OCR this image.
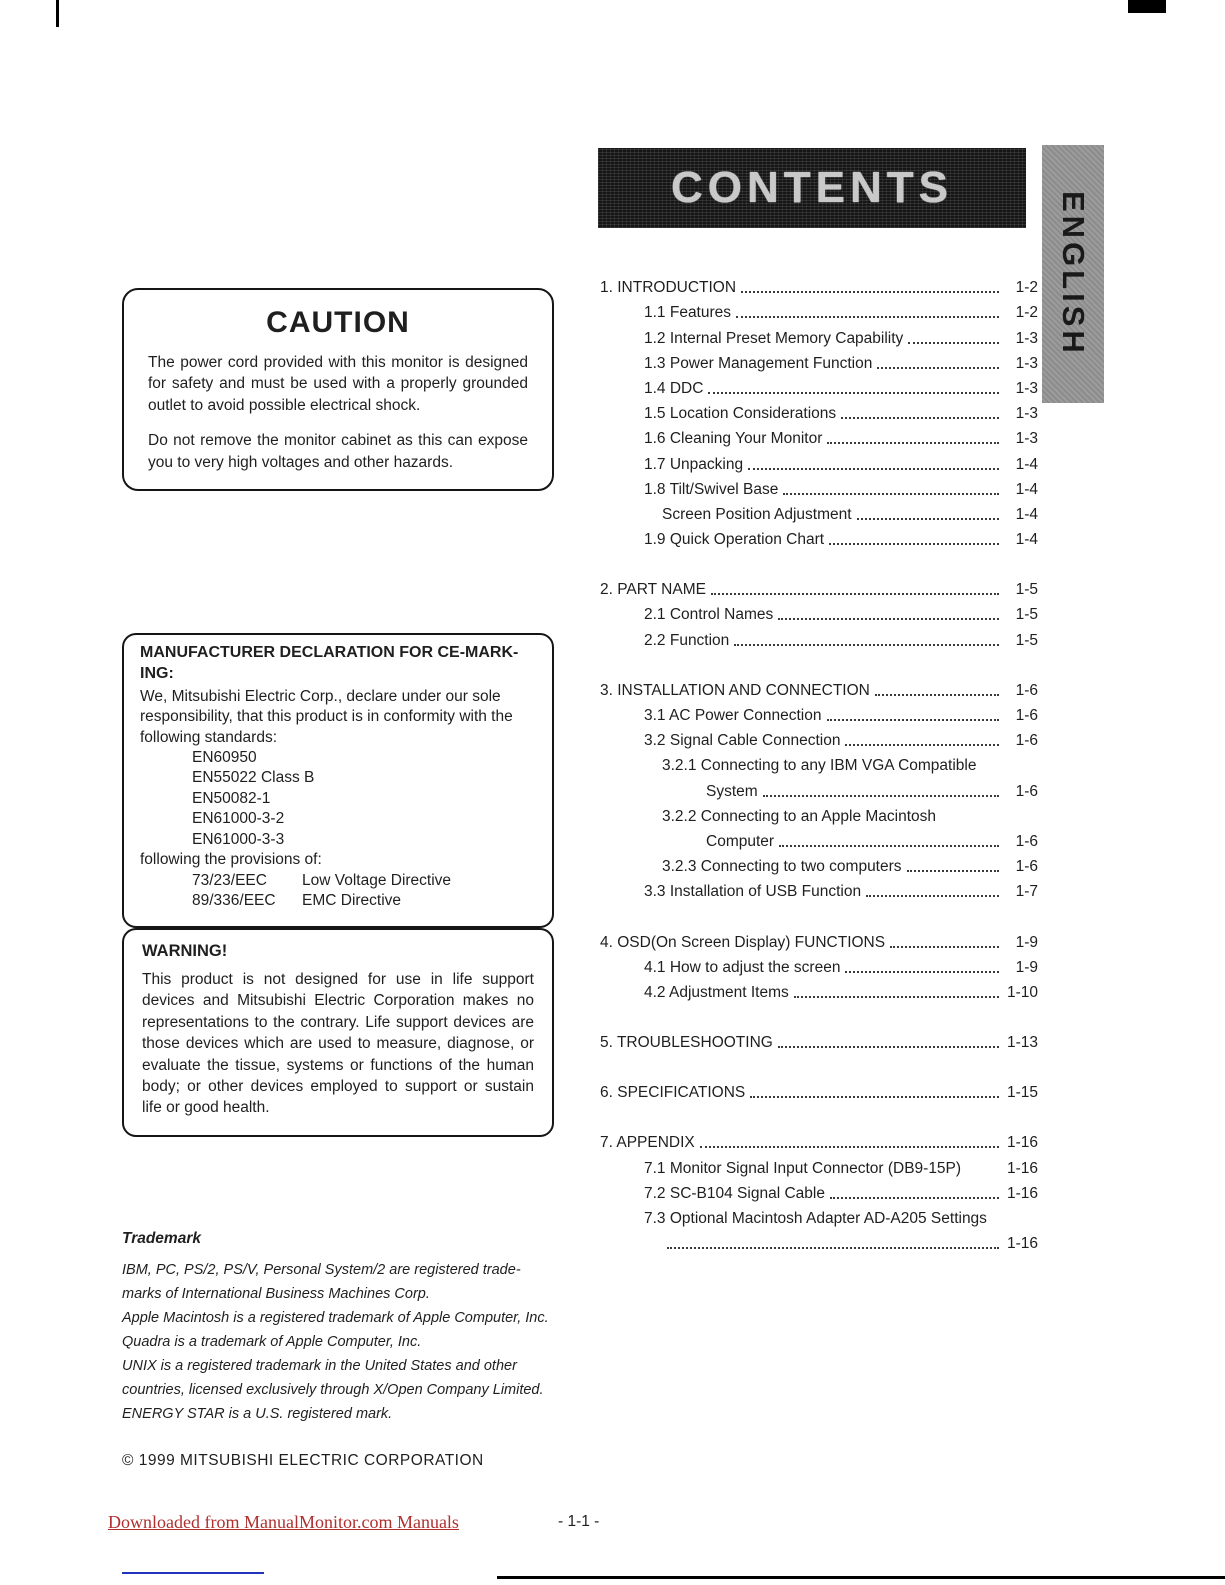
CAUTION

The power cord provided with this monitor is designed for safety and must be used with a properly grounded outlet to avoid possible electrical shock.

Do not remove the monitor cabinet as this can expose you to very high voltages and other hazards.

MANUFACTURER DECLARATION FOR CE-MARK-
ING:
We, Mitsubishi Electric Corp., declare under our sole responsibility, that this product is in conformity with the following standards:
EN60950
EN55022 Class B
EN50082-1
EN61000-3-2
EN61000-3-3
following the provisions of:
73/23/EEC	Low Voltage Directive
89/336/EEC	EMC Directive
WARNING!
This product is not designed for use in life support devices and Mitsubishi Electric Corporation makes no representations to the contrary. Life support devices are those devices which are used to measure, diagnose, or evaluate the tissue, systems or functions of the human body; or other devices employed to support or sustain life or good health.
Trademark
IBM, PC, PS/2, PS/V, Personal System/2 are registered trade-
marks of International Business Machines Corp.
Apple Macintosh is a registered trademark of Apple Computer, Inc.
Quadra is a trademark of Apple Computer, Inc.
UNIX is a registered trademark in the United States and other
countries, licensed exclusively through X/Open Company Limited.
ENERGY STAR is a U.S. registered mark.
© 1999 MITSUBISHI ELECTRIC CORPORATION
CONTENTS
ENGLISH
1. INTRODUCTION	1-2
1.1 Features	1-2
1.2 Internal Preset Memory Capability	1-3
1.3 Power Management Function	1-3
1.4 DDC	1-3
1.5 Location Considerations	1-3
1.6 Cleaning Your Monitor	1-3
1.7 Unpacking	1-4
1.8 Tilt/Swivel Base	1-4
Screen Position Adjustment	1-4
1.9 Quick Operation Chart	1-4
2. PART NAME	1-5
2.1 Control Names	1-5
2.2 Function	1-5
3. INSTALLATION AND CONNECTION	1-6
3.1 AC Power Connection	1-6
3.2 Signal Cable Connection	1-6
3.2.1 Connecting to any IBM VGA Compatible
System	1-6
3.2.2 Connecting to an Apple Macintosh
Computer	1-6
3.2.3 Connecting to two computers	1-6
3.3 Installation of USB Function	1-7
4. OSD(On Screen Display) FUNCTIONS	1-9
4.1 How to adjust the screen	1-9
4.2 Adjustment Items	1-10
5. TROUBLESHOOTING	1-13
6. SPECIFICATIONS	1-15
7. APPENDIX	1-16
7.1 Monitor Signal Input Connector (DB9-15P)	1-16
7.2 SC-B104 Signal Cable	1-16
7.3 Optional Macintosh Adapter AD-A205 Settings
1-16
Downloaded from ManualMonitor.com Manuals	- 1-1 -
